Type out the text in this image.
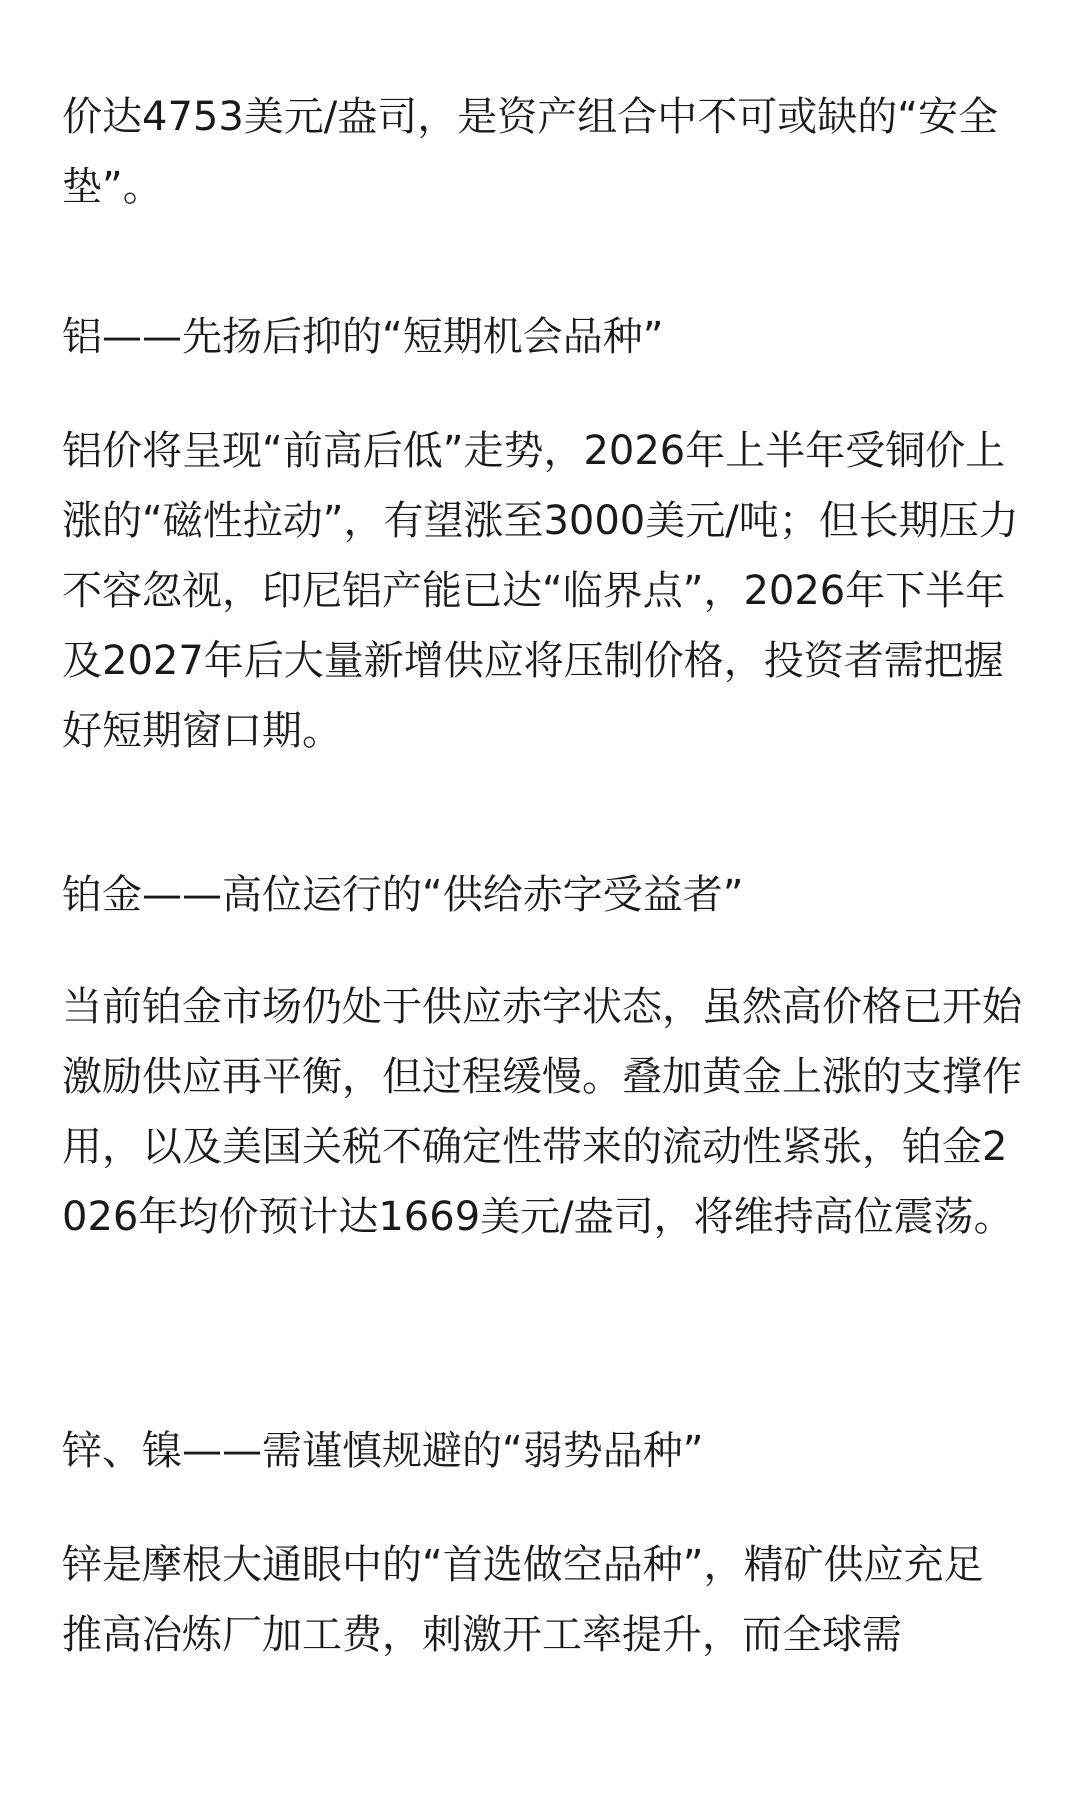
价达4753美元/盎司，是资产组合中不可或缺的“安全垫”。

铝——先扬后抑的“短期机会品种”

铝价将呈现“前高后低”走势，2026年上半年受铜价上涨的“磁性拉动”，有望涨至3000美元/吨；但长期压力不容忽视，印尼铝产能已达“临界点”，2026年下半年及2027年后大量新增供应将压制价格，投资者需把握好短期窗口期。

铂金——高位运行的“供给赤字受益者”

当前铂金市场仍处于供应赤字状态，虽然高价格已开始激励供应再平衡，但过程缓慢。叠加黄金上涨的支撑作用，以及美国关税不确定性带来的流动性紧张，铂金2026年均价预计达1669美元/盎司，将维持高位震荡。

锌、镍——需谨慎规避的“弱势品种”

锌是摩根大通眼中的“首选做空品种”，精矿供应充足推高冶炼厂加工费，刺激开工率提升，而全球需
